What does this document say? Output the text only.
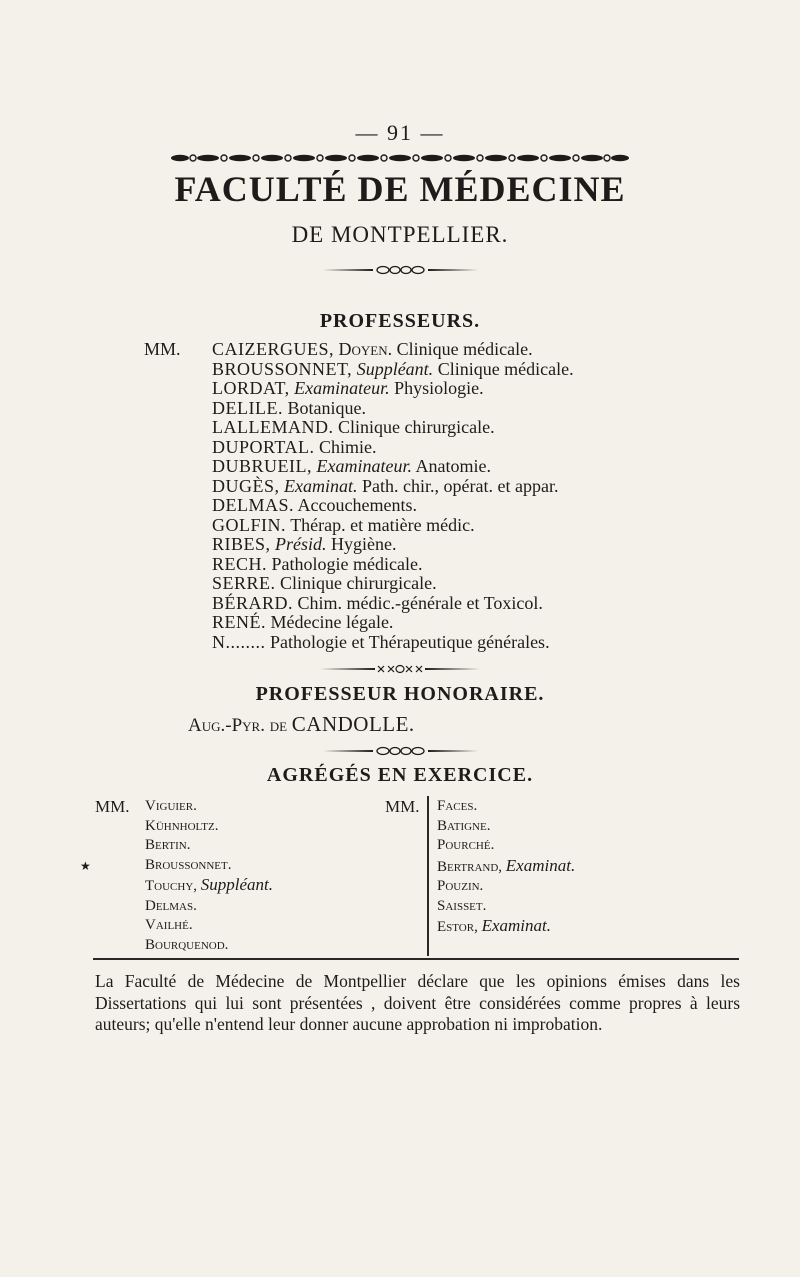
— 91 —
FACULTÉ DE MÉDECINE
DE MONTPELLIER.
PROFESSEURS.
MM. CAIZERGUES, Doyen. Clinique médicale.
BROUSSONNET, Suppléant. Clinique médicale.
LORDAT, Examinateur. Physiologie.
DELILE. Botanique.
LALLEMAND. Clinique chirurgicale.
DUPORTAL. Chimie.
DUBRUEIL, Examinateur. Anatomie.
DUGÈS, Examinat. Path. chir., opérat. et appar.
DELMAS. Accouchements.
GOLFIN. Thérap. et matière médic.
RIBES, Présid. Hygiène.
RECH. Pathologie médicale.
SERRE. Clinique chirurgicale.
BÉRARD. Chim. médic.-générale et Toxicol.
RENÉ. Médecine légale.
N........ Pathologie et Thérapeutique générales.
PROFESSEUR HONORAIRE.
Aug.-Pyr. de CANDOLLE.
AGRÉGÉS EN EXERCICE.
★
MM. Viguier.
Kühnholtz.
Bertin.
Broussonnet.
Touchy, Suppléant.
Delmas.
Vailhé.
Bourquenod.
MM. Faces.
Batigne.
Pourché.
Bertrand, Examinat.
Pouzin.
Saisset.
Estor, Examinat.
La Faculté de Médecine de Montpellier déclare que les opinions émises dans les Dissertations qui lui sont présentées , doivent être considérées comme propres à leurs auteurs; qu'elle n'entend leur donner aucune approbation ni improbation.
